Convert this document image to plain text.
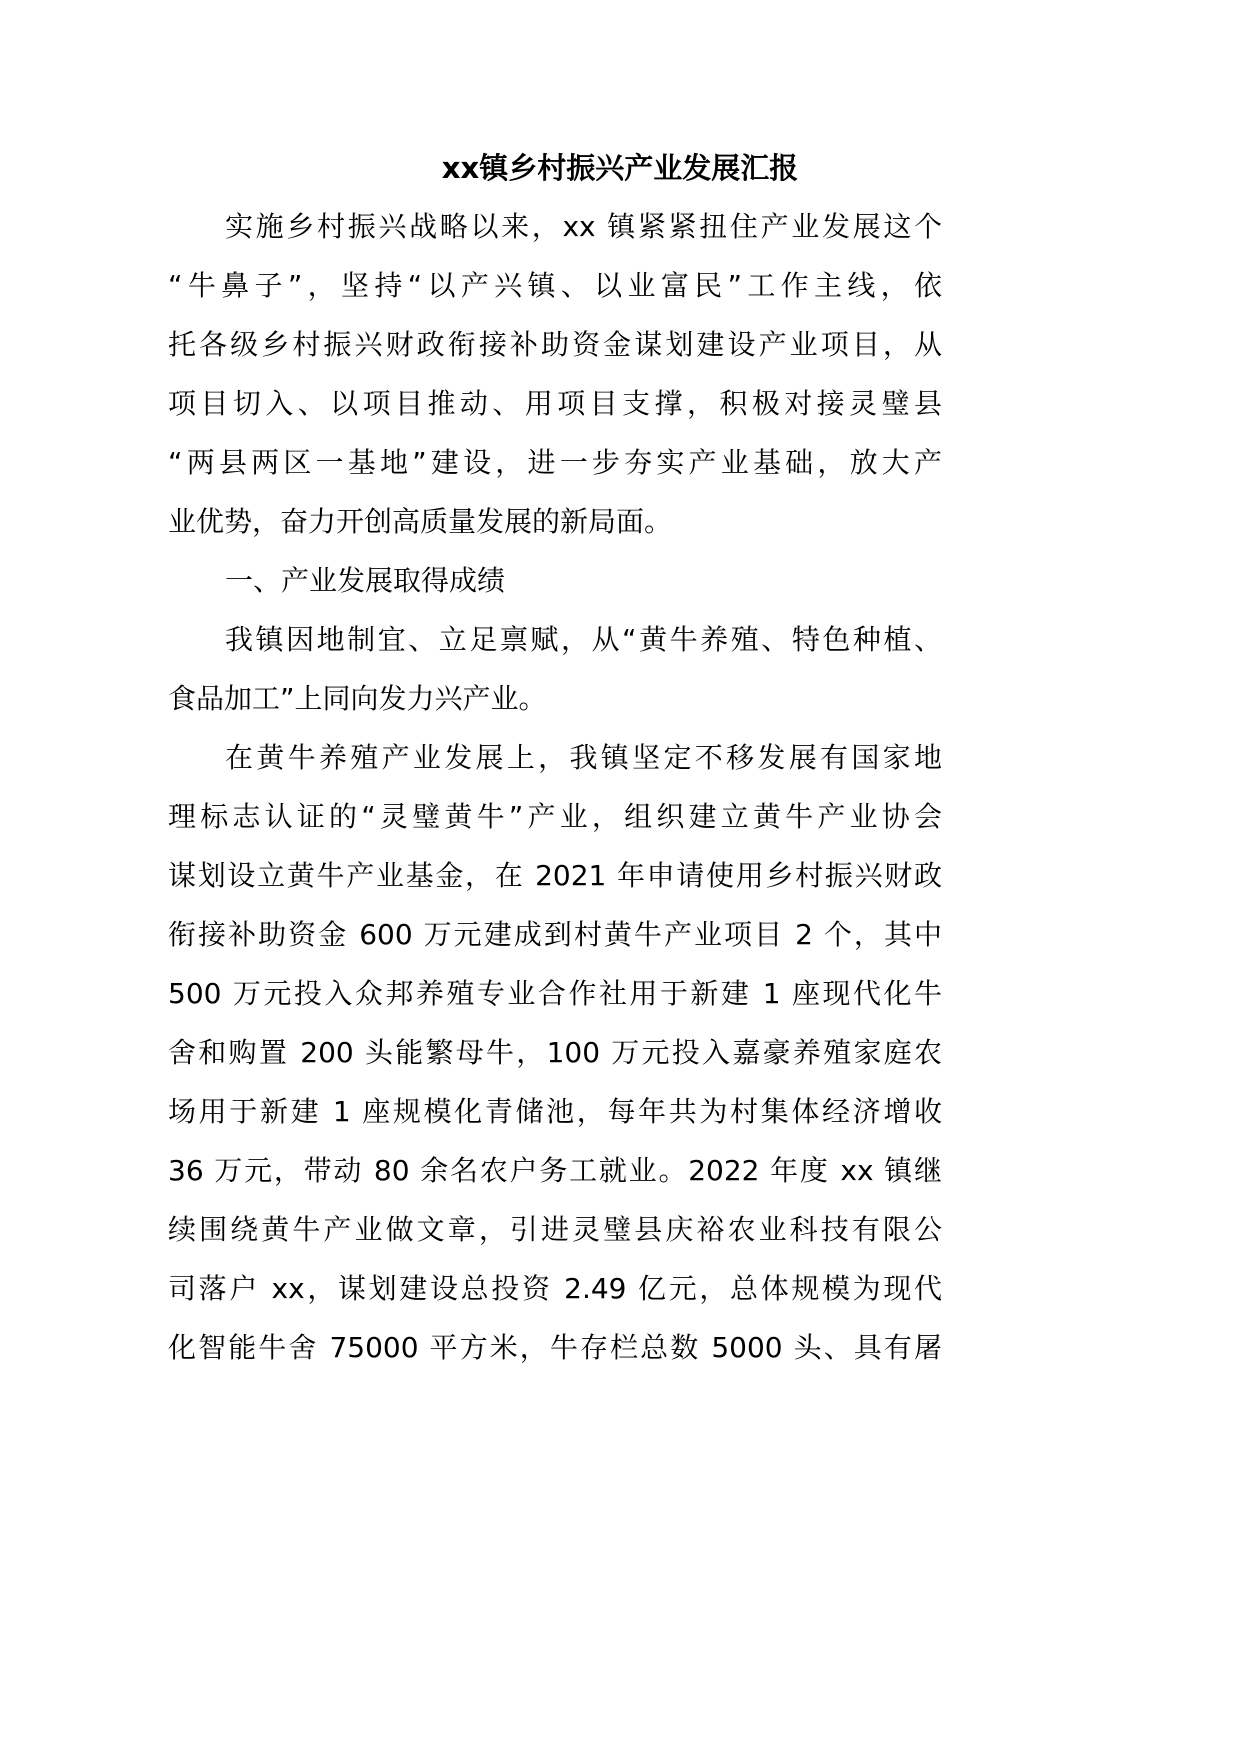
xx镇乡村振兴产业发展汇报
实施乡村振兴战略以来，xx 镇紧紧扭住产业发展这个
“牛鼻子”，坚持“以产兴镇、以业富民”工作主线，依
托各级乡村振兴财政衔接补助资金谋划建设产业项目，从
项目切入、以项目推动、用项目支撑，积极对接灵璧县
“两县两区一基地”建设，进一步夯实产业基础，放大产
业优势，奋力开创高质量发展的新局面。
一、产业发展取得成绩
我镇因地制宜、立足禀赋，从“黄牛养殖、特色种植、
食品加工”上同向发力兴产业。
在黄牛养殖产业发展上，我镇坚定不移发展有国家地
理标志认证的“灵璧黄牛”产业，组织建立黄牛产业协会
谋划设立黄牛产业基金，在 2021 年申请使用乡村振兴财政
衔接补助资金 600 万元建成到村黄牛产业项目 2 个，其中
500 万元投入众邦养殖专业合作社用于新建 1 座现代化牛
舍和购置 200 头能繁母牛，100 万元投入嘉豪养殖家庭农
场用于新建 1 座规模化青储池，每年共为村集体经济增收
36 万元，带动 80 余名农户务工就业。2022 年度 xx 镇继
续围绕黄牛产业做文章，引进灵璧县庆裕农业科技有限公
司落户 xx，谋划建设总投资 2.49 亿元，总体规模为现代
化智能牛舍 75000 平方米，牛存栏总数 5000 头、具有屠
